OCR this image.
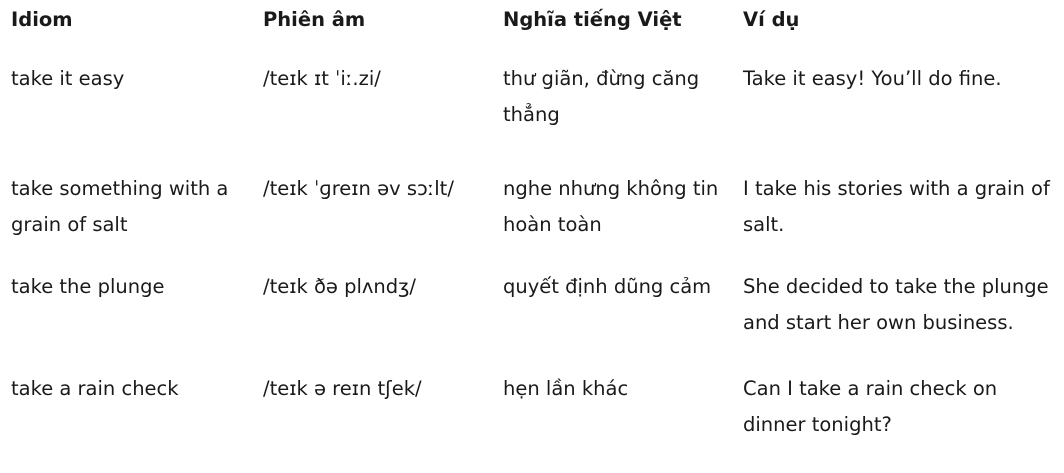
Idiom	Phiên âm	Nghĩa tiếng Việt	Ví dụ
take it easy	/teɪk ɪt ˈiː.zi/	thư giãn, đừng căng thẳng	Take it easy! You’ll do fine.
take something with a grain of salt	/teɪk ˈɡreɪn əv sɔːlt/	nghe nhưng không tin hoàn toàn	I take his stories with a grain of salt.
take the plunge	/teɪk ðə plʌndʒ/	quyết định dũng cảm	She decided to take the plunge and start her own business.
take a rain check	/teɪk ə reɪn tʃek/	hẹn lần khác	Can I take a rain check on dinner tonight?
